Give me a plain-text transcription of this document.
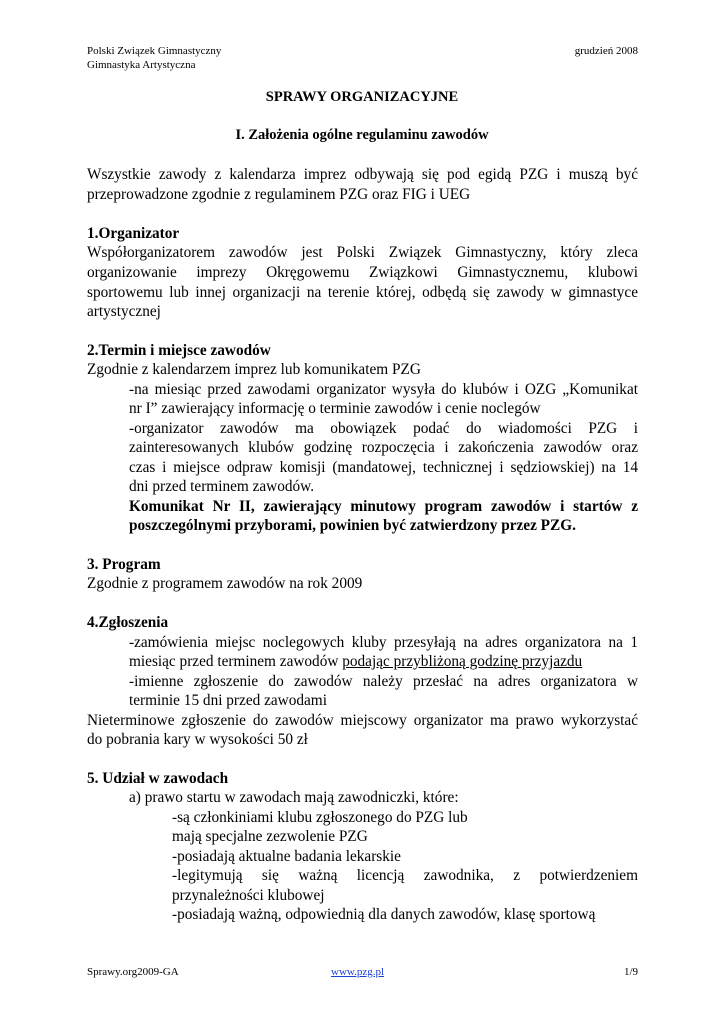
Polski Związek Gimnastyczny
Gimnastyka Artystyczna
grudzień 2008
SPRAWY ORGANIZACYJNE
I. Założenia ogólne regulaminu zawodów
Wszystkie zawody z kalendarza imprez odbywają się pod egidą PZG i muszą być
przeprowadzone zgodnie z regulaminem PZG oraz FIG i UEG
1.Organizator
Współorganizatorem zawodów jest Polski Związek Gimnastyczny, który zleca
organizowanie imprezy Okręgowemu Związkowi Gimnastycznemu, klubowi
sportowemu lub innej organizacji na terenie której, odbędą się zawody w gimnastyce
artystycznej
2.Termin i miejsce zawodów
Zgodnie z kalendarzem imprez lub komunikatem PZG
-na miesiąc przed zawodami organizator wysyła do klubów i OZG „Komunikat
nr I” zawierający informację o terminie zawodów i cenie noclegów
-organizator zawodów ma obowiązek podać do wiadomości PZG i
zainteresowanych klubów godzinę rozpoczęcia i zakończenia zawodów oraz
czas i miejsce odpraw komisji (mandatowej, technicznej i sędziowskiej) na 14
dni przed terminem zawodów.
Komunikat Nr II, zawierający minutowy program zawodów i startów z
poszczególnymi przyborami, powinien być zatwierdzony przez PZG.
3. Program
Zgodnie z programem zawodów na rok 2009
4.Zgłoszenia
-zamówienia miejsc noclegowych kluby przesyłają na adres organizatora na 1
miesiąc przed terminem zawodów podając przybliżoną godzinę przyjazdu
-imienne zgłoszenie do zawodów należy przesłać na adres organizatora w
terminie 15 dni przed zawodami
Nieterminowe zgłoszenie do zawodów miejscowy organizator ma prawo wykorzystać
do pobrania kary w wysokości 50 zł
5. Udział w zawodach
a) prawo startu w zawodach mają zawodniczki, które:
-są członkiniami klubu zgłoszonego do PZG lub
mają specjalne zezwolenie PZG
-posiadają aktualne badania lekarskie
-legitymują się ważną licencją zawodnika, z potwierdzeniem
przynależności klubowej
-posiadają ważną, odpowiednią dla danych zawodów, klasę sportową
Sprawy.org2009-GA	www.pzg.pl	1/9
